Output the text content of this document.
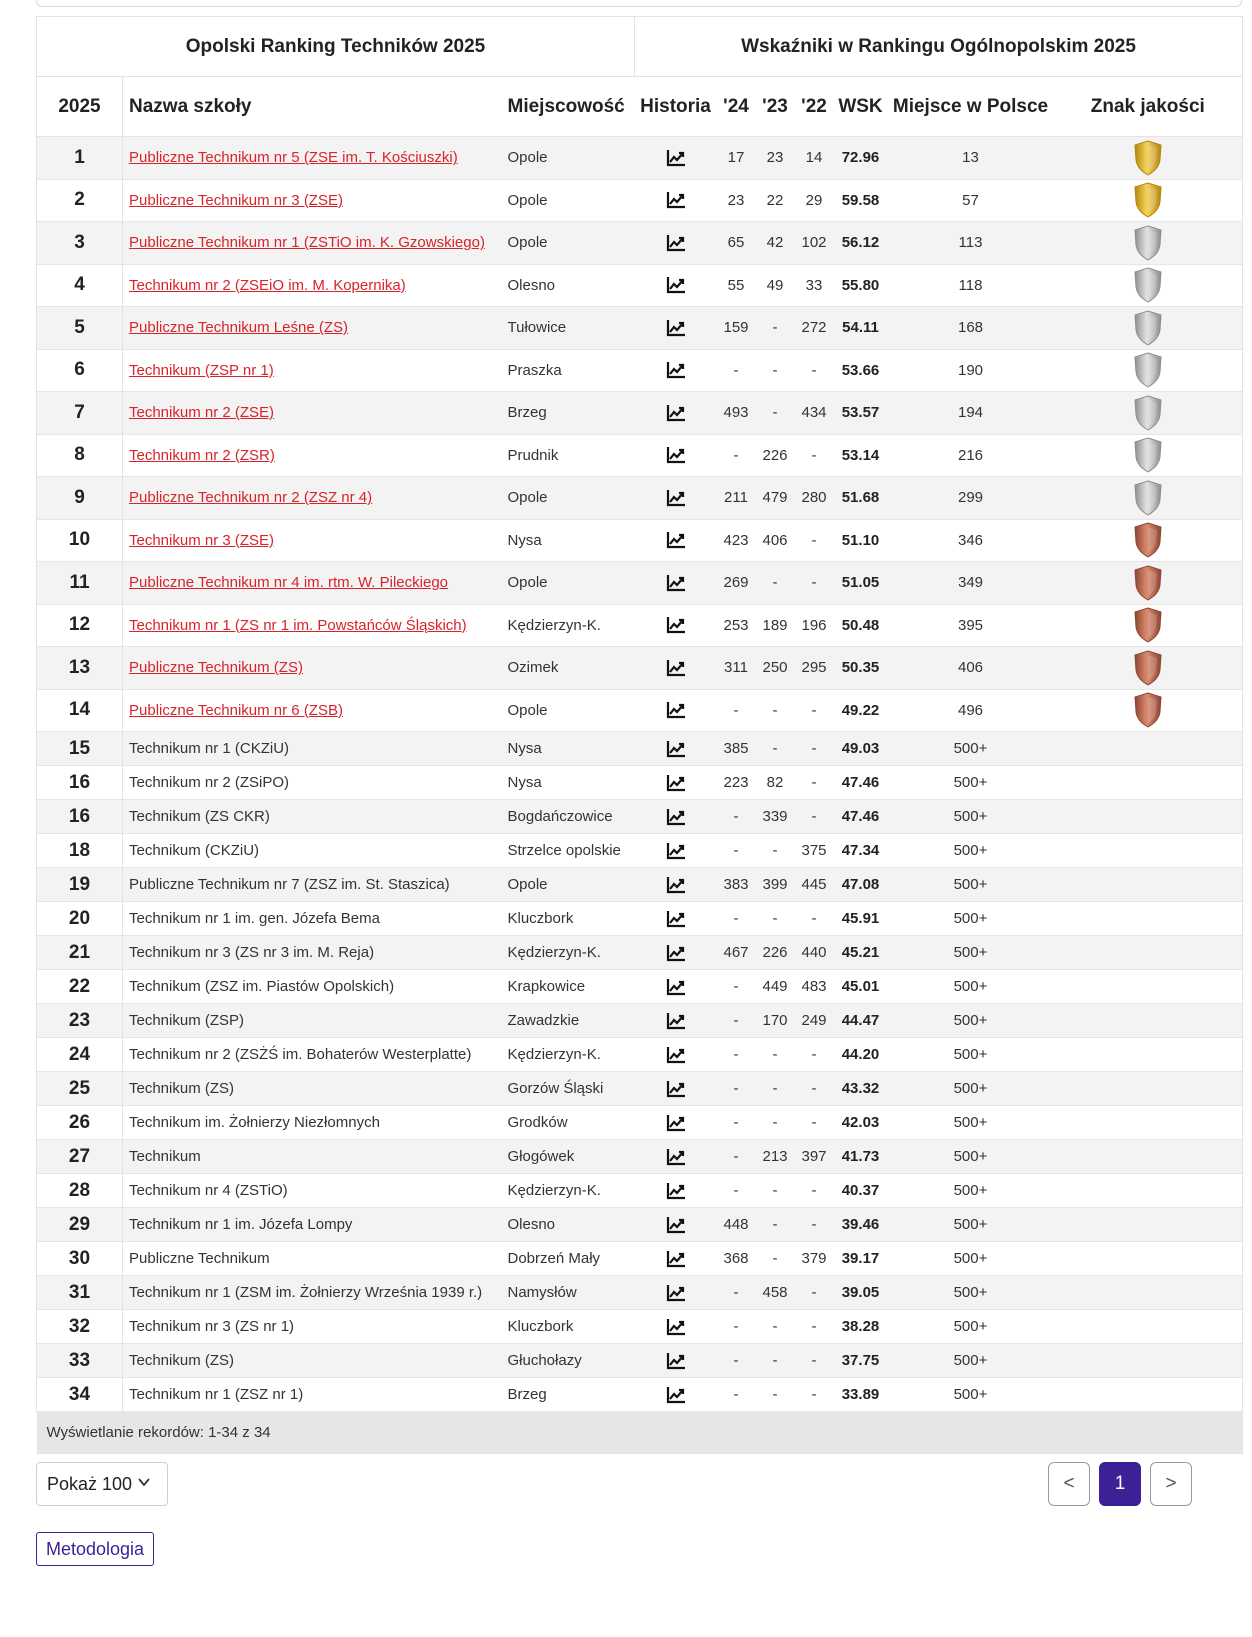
Opolski Ranking Techników 2025			Wskaźniki w Rankingu Ogólnopolskim 2025						
2025	Nazwa szkoły	Miejscowość	Historia	'24	'23	'22	WSK	Miejsce w Polsce	Znak jakości
1	Publiczne Technikum nr 5 (ZSE im. T. Kościuszki)	Opole		17	23	14	72.96	13	
2	Publiczne Technikum nr 3 (ZSE)	Opole		23	22	29	59.58	57	
3	Publiczne Technikum nr 1 (ZSTiO im. K. Gzowskiego)	Opole		65	42	102	56.12	113	
4	Technikum nr 2 (ZSEiO im. M. Kopernika)	Olesno		55	49	33	55.80	118	
5	Publiczne Technikum Leśne (ZS)	Tułowice		159	-	272	54.11	168	
6	Technikum (ZSP nr 1)	Praszka		-	-	-	53.66	190	
7	Technikum nr 2 (ZSE)	Brzeg		493	-	434	53.57	194	
8	Technikum nr 2 (ZSR)	Prudnik		-	226	-	53.14	216	
9	Publiczne Technikum nr 2 (ZSZ nr 4)	Opole		211	479	280	51.68	299	
10	Technikum nr 3 (ZSE)	Nysa		423	406	-	51.10	346	
11	Publiczne Technikum nr 4 im. rtm. W. Pileckiego	Opole		269	-	-	51.05	349	
12	Technikum nr 1 (ZS nr 1 im. Powstańców Śląskich)	Kędzierzyn-K.		253	189	196	50.48	395	
13	Publiczne Technikum (ZS)	Ozimek		311	250	295	50.35	406	
14	Publiczne Technikum nr 6 (ZSB)	Opole		-	-	-	49.22	496	
15	Technikum nr 1 (CKZiU)	Nysa		385	-	-	49.03	500+	
16	Technikum nr 2 (ZSiPO)	Nysa		223	82	-	47.46	500+	
16	Technikum (ZS CKR)	Bogdańczowice		-	339	-	47.46	500+	
18	Technikum (CKZiU)	Strzelce opolskie		-	-	375	47.34	500+	
19	Publiczne Technikum nr 7 (ZSZ im. St. Staszica)	Opole		383	399	445	47.08	500+	
20	Technikum nr 1 im. gen. Józefa Bema	Kluczbork		-	-	-	45.91	500+	
21	Technikum nr 3 (ZS nr 3 im. M. Reja)	Kędzierzyn-K.		467	226	440	45.21	500+	
22	Technikum (ZSZ im. Piastów Opolskich)	Krapkowice		-	449	483	45.01	500+	
23	Technikum (ZSP)	Zawadzkie		-	170	249	44.47	500+	
24	Technikum nr 2 (ZSŻŚ im. Bohaterów Westerplatte)	Kędzierzyn-K.		-	-	-	44.20	500+	
25	Technikum (ZS)	Gorzów Śląski		-	-	-	43.32	500+	
26	Technikum im. Żołnierzy Niezłomnych	Grodków		-	-	-	42.03	500+	
27	Technikum	Głogówek		-	213	397	41.73	500+	
28	Technikum nr 4 (ZSTiO)	Kędzierzyn-K.		-	-	-	40.37	500+	
29	Technikum nr 1 im. Józefa Lompy	Olesno		448	-	-	39.46	500+	
30	Publiczne Technikum	Dobrzeń Mały		368	-	379	39.17	500+	
31	Technikum nr 1 (ZSM im. Żołnierzy Września 1939 r.)	Namysłów		-	458	-	39.05	500+	
32	Technikum nr 3 (ZS nr 1)	Kluczbork		-	-	-	38.28	500+	
33	Technikum (ZS)	Głuchołazy		-	-	-	37.75	500+	
34	Technikum nr 1 (ZSZ nr 1)	Brzeg		-	-	-	33.89	500+	
Wyświetlanie rekordów: 1-34 z 34									
Pokaż 100	<	1	>
Metodologia
